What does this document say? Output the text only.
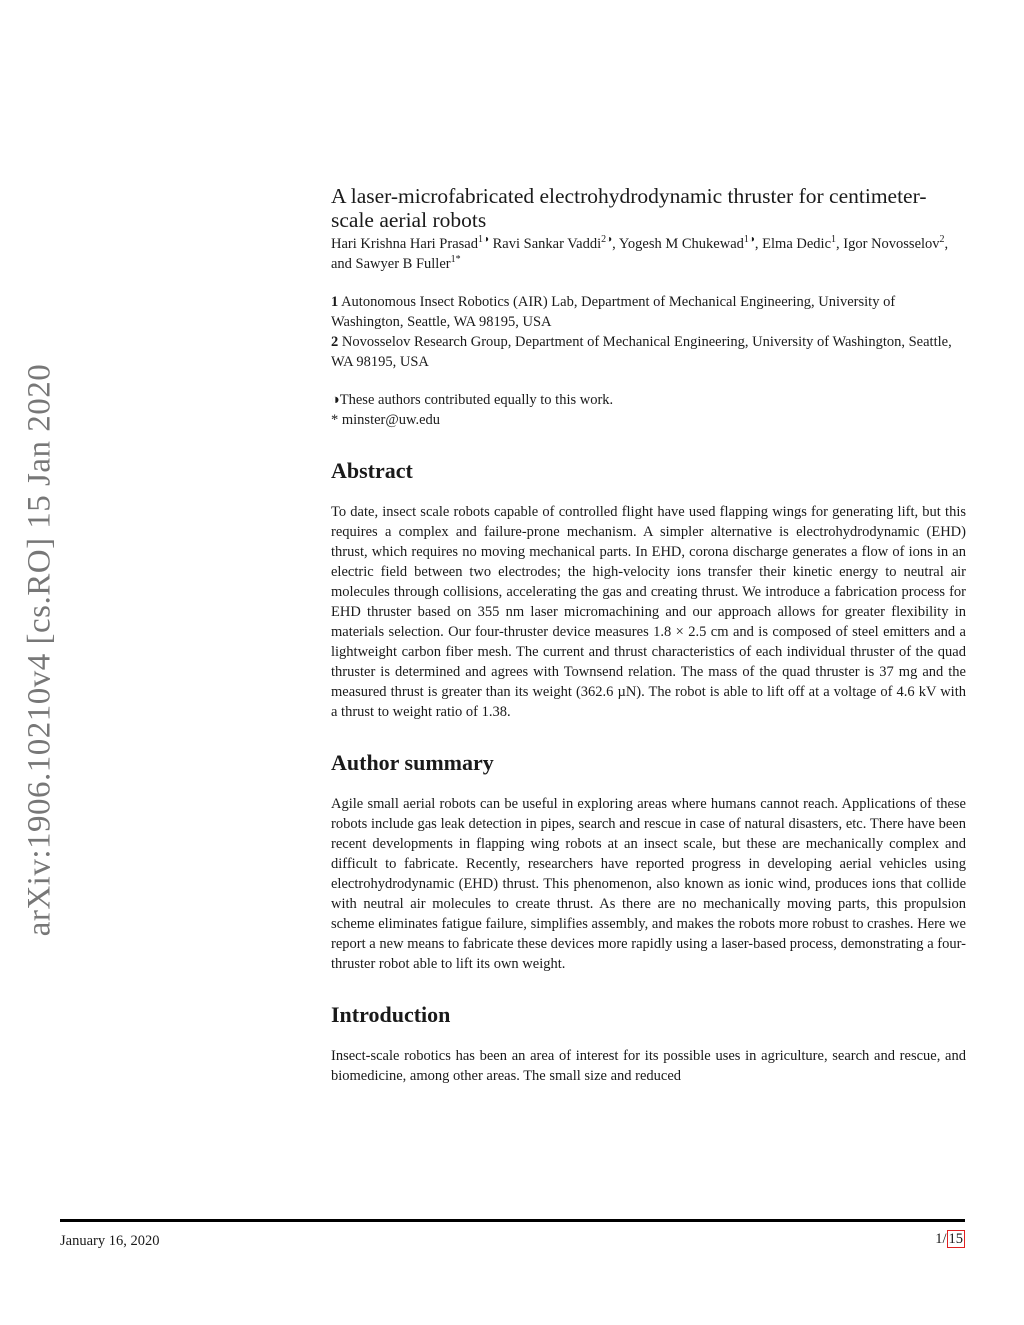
arXiv:1906.10210v4 [cs.RO] 15 Jan 2020
A laser-microfabricated electrohydrodynamic thruster for centimeter-scale aerial robots
Hari Krishna Hari Prasad$^{1◑}$ Ravi Sankar Vaddi$^{2◑}$, Yogesh M Chukewad$^{1◑}$, Elma Dedic$^1$, Igor Novosselov$^2$, and Sawyer B Fuller$^{1*}$
1 Autonomous Insect Robotics (AIR) Lab, Department of Mechanical Engineering, University of Washington, Seattle, WA 98195, USA
2 Novosselov Research Group, Department of Mechanical Engineering, University of Washington, Seattle, WA 98195, USA
◑These authors contributed equally to this work.
* minster@uw.edu
Abstract

To date, insect scale robots capable of controlled flight have used flapping wings for generating lift, but this requires a complex and failure-prone mechanism. A simpler alternative is electrohydrodynamic (EHD) thrust, which requires no moving mechanical parts. In EHD, corona discharge generates a flow of ions in an electric field between two electrodes; the high-velocity ions transfer their kinetic energy to neutral air molecules through collisions, accelerating the gas and creating thrust. We introduce a fabrication process for EHD thruster based on 355 nm laser micromachining and our approach allows for greater flexibility in materials selection. Our four-thruster device measures 1.8 × 2.5 cm and is composed of steel emitters and a lightweight carbon fiber mesh. The current and thrust characteristics of each individual thruster of the quad thruster is determined and agrees with Townsend relation. The mass of the quad thruster is 37 mg and the measured thrust is greater than its weight (362.6 µN). The robot is able to lift off at a voltage of 4.6 kV with a thrust to weight ratio of 1.38.

Author summary

Agile small aerial robots can be useful in exploring areas where humans cannot reach. Applications of these robots include gas leak detection in pipes, search and rescue in case of natural disasters, etc. There have been recent developments in flapping wing robots at an insect scale, but these are mechanically complex and difficult to fabricate. Recently, researchers have reported progress in developing aerial vehicles using electrohydrodynamic (EHD) thrust. This phenomenon, also known as ionic wind, produces ions that collide with neutral air molecules to create thrust. As there are no mechanically moving parts, this propulsion scheme eliminates fatigue failure, simplifies assembly, and makes the robots more robust to crashes. Here we report a new means to fabricate these devices more rapidly using a laser-based process, demonstrating a four-thruster robot able to lift its own weight.

Introduction

Insect-scale robotics has been an area of interest for its possible uses in agriculture, search and rescue, and biomedicine, among other areas. The small size and reduced

January 16, 2020	1/ 15
